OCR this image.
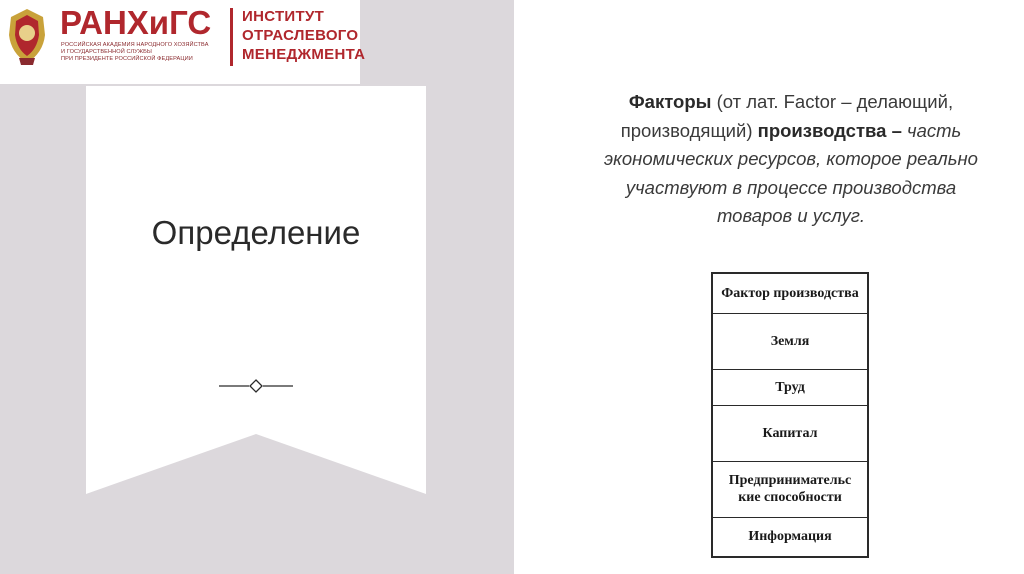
РАНХиГС
РОССИЙСКАЯ АКАДЕМИЯ НАРОДНОГО ХОЗЯЙСТВА
И ГОСУДАРСТВЕННОЙ СЛУЖБЫ
ПРИ ПРЕЗИДЕНТЕ РОССИЙСКОЙ ФЕДЕРАЦИИ
ИНСТИТУТ
ОТРАСЛЕВОГО
МЕНЕДЖМЕНТА
Определение
Факторы (от лат. Factor – делающий, производящий) производства – часть экономических ресурсов, которое реально участвуют в процессе производства товаров и услуг.
Фактор производства
Земля
Труд
Капитал
Предпринимательс кие способности
Информация
